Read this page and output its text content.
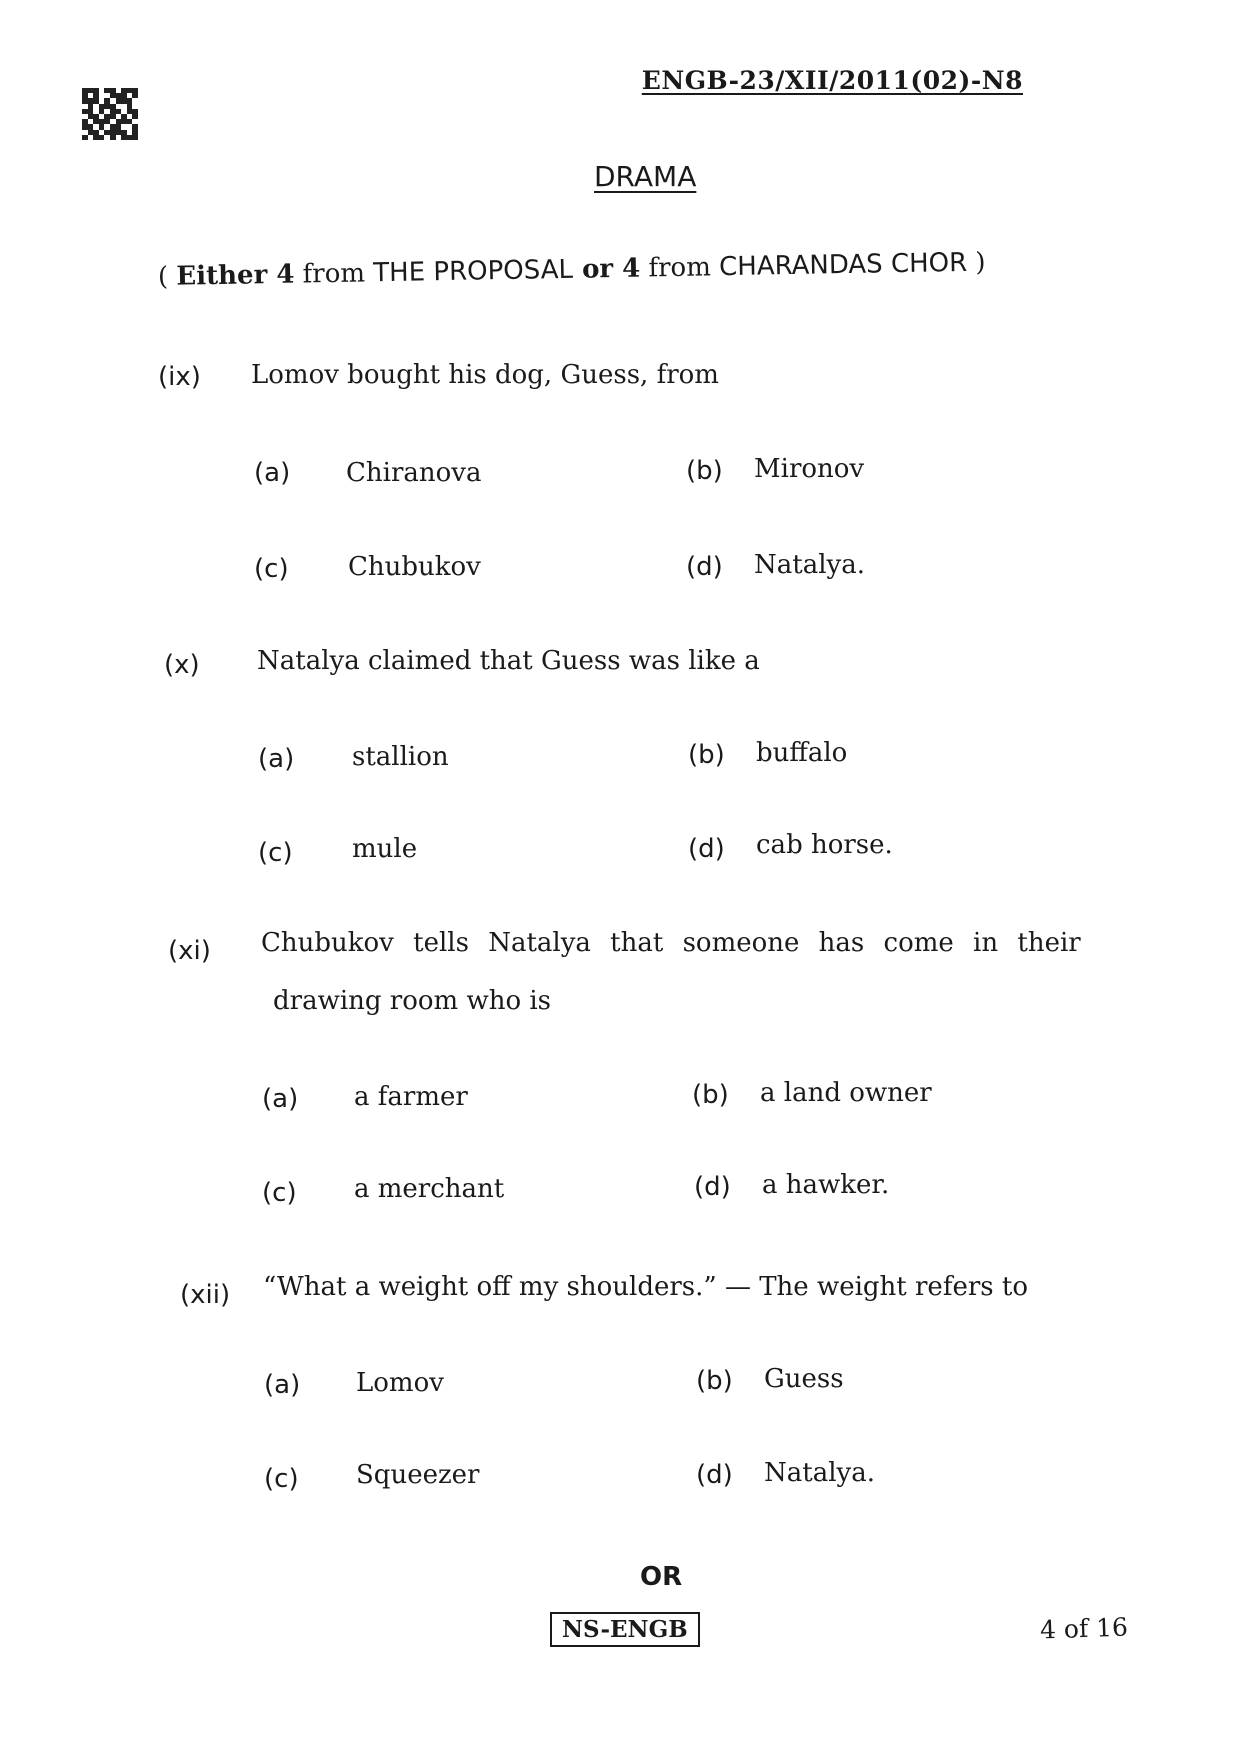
ENGB-23/XII/2011(02)-N8
DRAMA
( Either 4 from THE PROPOSAL or 4 from CHARANDAS CHOR )
(ix) Lomov bought his dog, Guess, from
(a) Chiranova	(b) Mironov
(c) Chubukov	(d) Natalya.
(x) Natalya claimed that Guess was like a
(a) stallion	(b) buffalo
(c) mule	(d) cab horse.
(xi) Chubukov tells Natalya that someone has come in their
drawing room who is
(a) a farmer	(b) a land owner
(c) a merchant	(d) a hawker.
(xii) “What a weight off my shoulders.” — The weight refers to
(a) Lomov	(b) Guess
(c) Squeezer	(d) Natalya.
OR
NS-ENGB	4 of 16
